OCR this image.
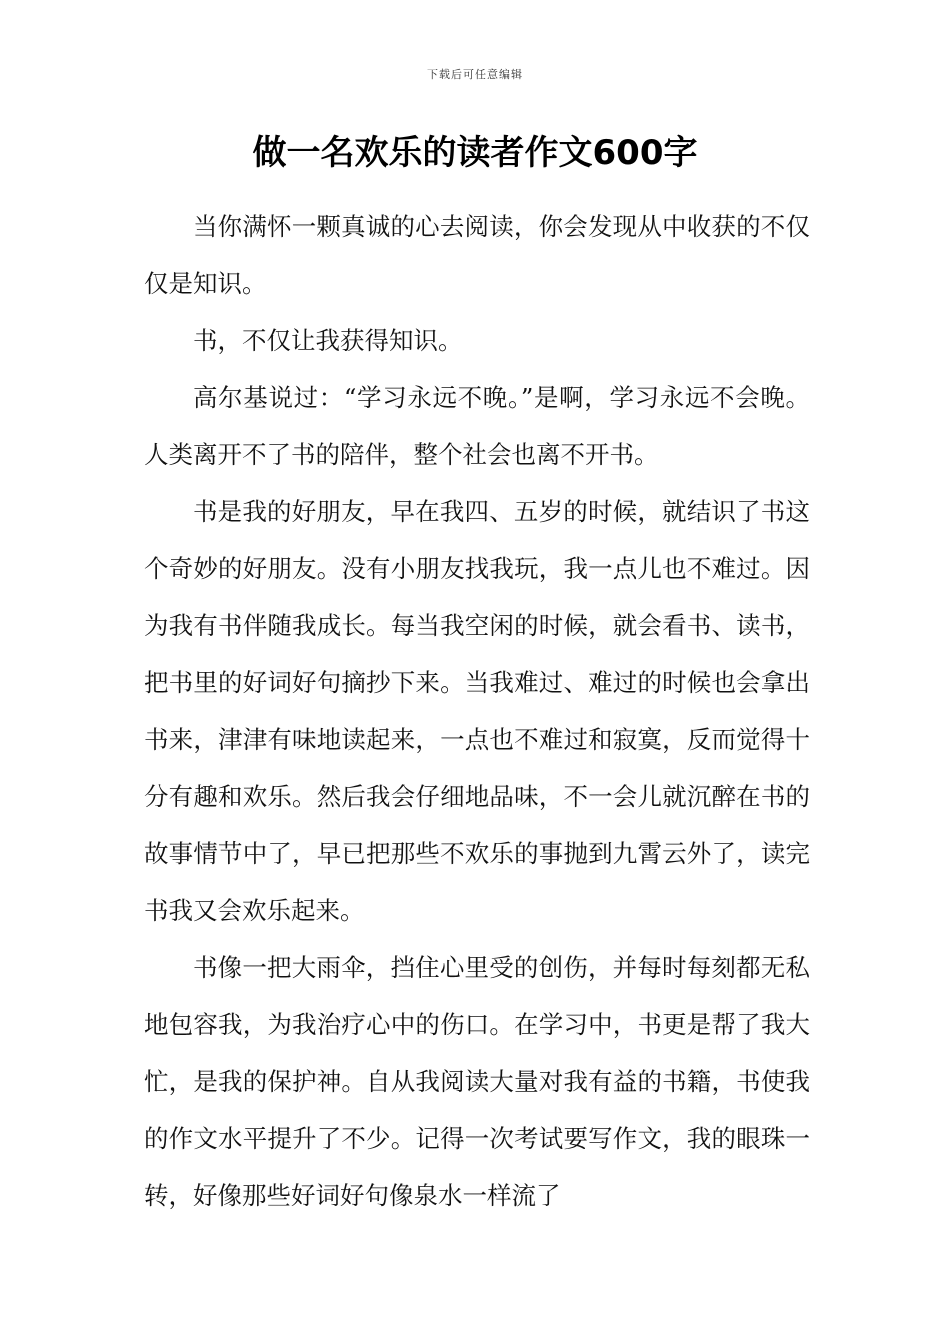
下载后可任意编辑
做一名欢乐的读者作文600字

当你满怀一颗真诚的心去阅读，你会发现从中收获的不仅仅是知识。

书，不仅让我获得知识。

高尔基说过：“学习永远不晚。”是啊，学习永远不会晚。人类离开不了书的陪伴，整个社会也离不开书。

书是我的好朋友，早在我四、五岁的时候，就结识了书这个奇妙的好朋友。没有小朋友找我玩，我一点儿也不难过。因为我有书伴随我成长。每当我空闲的时候，就会看书、读书，把书里的好词好句摘抄下来。当我难过、难过的时候也会拿出书来，津津有味地读起来，一点也不难过和寂寞，反而觉得十分有趣和欢乐。然后我会仔细地品味，不一会儿就沉醉在书的故事情节中了，早已把那些不欢乐的事抛到九霄云外了，读完书我又会欢乐起来。

书像一把大雨伞，挡住心里受的创伤，并每时每刻都无私地包容我，为我治疗心中的伤口。在学习中，书更是帮了我大忙，是我的保护神。自从我阅读大量对我有益的书籍，书使我的作文水平提升了不少。记得一次考试要写作文，我的眼珠一转，好像那些好词好句像泉水一样流了
